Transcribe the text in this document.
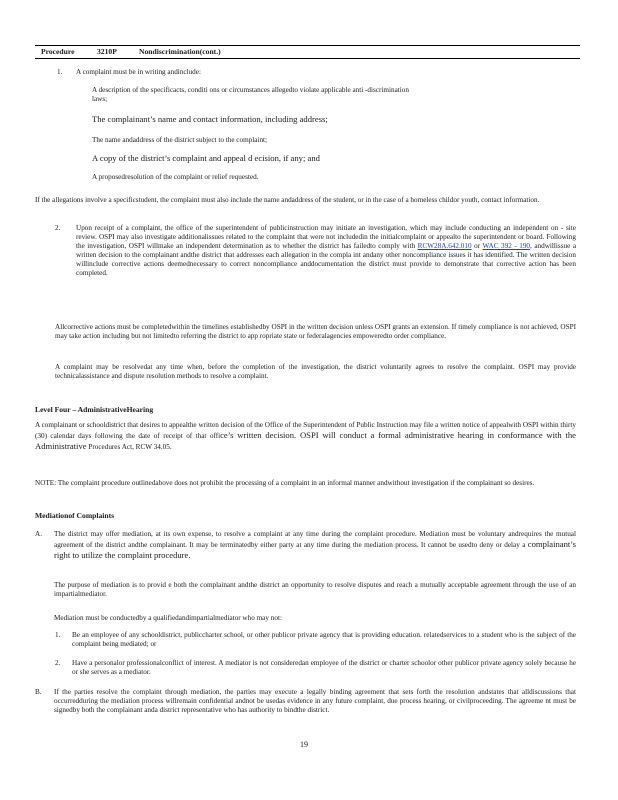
Procedure	3210P	Nondiscrimination(cont.)
1. A complaint must be in writing andinclude:
A description of the specificacts, conditi ons or circumstances allegedto violate applicable anti -discrimination
laws;
The complainant’s name and contact information, including address;
The name andaddress of the district subject to the complaint;
A copy of the district’s complaint and appeal d ecision, if any; and
A proposedresolution of the complaint or relief requested.
If the allegations involve a specificstudent, the complaint must also include the name andaddress of the student, or in the case of a homeless childor youth, contact information.
2. Upon receipt of a complaint, the office of the superintendent of publicinstruction may initiate an investigation, which may include conducting an independent on - site review. OSPI may also investigate additionalissues related to the complaint that were not includedin the initialcomplaint or appealto the superintendent or board. Following the investigation, OSPI willmake an independent determination as to whether the district has failedto comply with RCW28A.642.010 or WAC 392 - 190, andwillissue a written decision to the complainant andthe district that addresses each allegation in the compla int andany other noncompliance issues it has identified. The written decision willinclude corrective actions deemednecessary to correct noncompliance anddocumentation the district must provide to demonstrate that corrective action has been completed.
Allcorrective actions must be completedwithin the timelines establishedby OSPI in the written decision unless OSPI grants an extension. If timely compliance is not achieved, OSPI may take action including but not limitedto referring the district to app ropriate state or federalagencies empoweredto order compliance.
A complaint may be resolvedat any time when, before the completion of the investigation, the district voluntarily agrees to resolve the complaint. OSPI may provide technicalassistance and dispute resolution methods to resolve a complaint.
Level Four – AdministrativeHearing
A complainant or schooldistrict that desires to appealthe written decision of the Office of the Superintendent of Public Instruction may file a written notice of appealwith OSPI within thirty (30) calendar days following the date of receipt of that office’s written decision. OSPI will conduct a formal administrative hearing in conformance with the Administrative Procedures Act, RCW 34.05.
NOTE: The complaint procedure outlinedabove does not prohibit the processing of a complaint in an informal manner andwithout investigation if the complainant so desires.
Mediationof Complaints
A. The district may offer mediation, at its own expense, to resolve a complaint at any time during the complaint procedure. Mediation must be voluntary andrequires the mutual agreement of the district andthe complainant. It may be terminatedby either party at any time during the mediation process. It cannot be usedto deny or delay a complainant’s right to utilize the complaint procedure.
The purpose of mediation is to provid e both the complainant andthe district an opportunity to resolve disputes and reach a mutually acceptable agreement through the use of an impartialmediator.
Mediation must be conductedby a qualifiedandimpartialmediator who may not:
1. Be an employee of any schooldistrict, publiccharter school, or other publicor private agency that is providing education. relatedservices to a student who is the subject of the complaint being mediated; or
2. Have a personalor professionalconflict of interest. A mediator is not consideredan employee of the district or charter schoolor other publicor private agency solely because he or she serves as a mediator.
B. If the parties resolve the complaint through mediation, the parties may execute a legally binding agreement that sets forth the resolution andstates that alldiscussions that occurredduring the mediation process willremain confidential andnot be usedas evidence in any future complaint, due process hearing, or civilproceeding. The agreeme nt must be signedby both the complainant anda district representative who has authority to bindthe district.
19
